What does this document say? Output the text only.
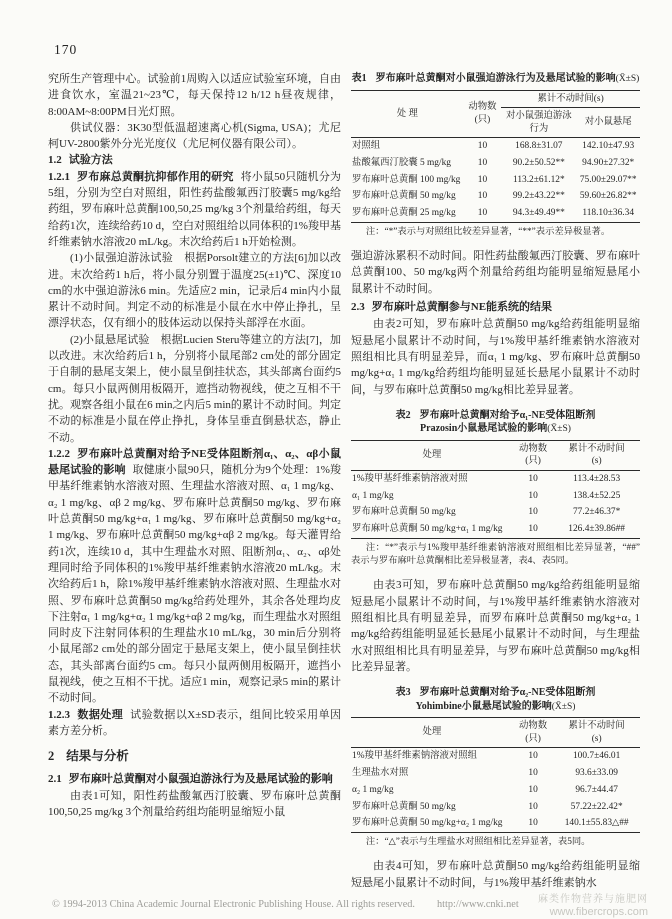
170

究所生产管理中心。试验前1周购入以适应试验室环境，自由进食饮水，室温21~23℃，每天保持12 h/12 h昼夜规律，8:00AM~8:00PM日光灯照。

供试仪器：3K30型低温超速离心机(Sigma, USA)；尤尼柯UV-2800紫外分光光度仪（尤尼柯仪器有限公司）。

1.2 试验方法

1.2.1 罗布麻总黄酮抗抑郁作用的研究 将小鼠50只随机分为5组，分别为空白对照组，阳性药盐酸氟西汀胶囊5 mg/kg给药组，罗布麻叶总黄酮100,50,25 mg/kg 3个剂量给药组，每天给药1次，连续给药10 d，空白对照组给以同体积的1%羧甲基纤维素钠水溶液20 mL/kg。末次给药后1 h开始检测。

(1)小鼠强迫游泳试验　根据Porsolt建立的方法[6]加以改进。末次给药1 h后，将小鼠分别置于温度25(±1)℃、深度10 cm的水中强迫游泳6 min。先适应2 min，记录后4 min内小鼠累计不动时间。判定不动的标准是小鼠在水中停止挣扎，呈漂浮状态，仅有细小的肢体运动以保持头部浮在水面。

(2)小鼠悬尾试验　根据Lucien Steru等建立的方法[7]，加以改进。末次给药后1 h，分别将小鼠尾部2 cm处的部分固定于自制的悬尾支架上，使小鼠呈倒挂状态，其头部离台面约5 cm。每只小鼠两侧用板隔开，遮挡动物视线，使之互相不干扰。观察各组小鼠在6 min之内后5 min的累计不动时间。判定不动的标准是小鼠在停止挣扎，身体呈垂直倒悬状态，静止不动。

1.2.2 罗布麻叶总黄酮对给予NE受体阻断剂α₁、α₂、αβ小鼠悬尾试验的影响 取健康小鼠90只，随机分为9个处理：1%羧甲基纤维素钠水溶液对照、生理盐水溶液对照、α₁ 1 mg/kg、α₂ 1 mg/kg、αβ 2 mg/kg、罗布麻叶总黄酮50 mg/kg、罗布麻叶总黄酮50 mg/kg+α₁ 1 mg/kg、罗布麻叶总黄酮50 mg/kg+α₂ 1 mg/kg、罗布麻叶总黄酮50 mg/kg+αβ 2 mg/kg。每天灌胃给药1次，连续10 d，其中生理盐水对照、阻断剂α₁、α₂、αβ处理同时给予同体积的1%羧甲基纤维素钠水溶液20 mL/kg。末次给药后1 h，除1%羧甲基纤维素钠水溶液对照、生理盐水对照、罗布麻叶总黄酮50 mg/kg给药处理外，其余各处理均皮下注射α₁ 1 mg/kg+α₂ 1 mg/kg+αβ 2 mg/kg，而生理盐水对照组同时皮下注射同体积的生理盐水10 mL/kg，30 min后分别将小鼠尾部2 cm处的部分固定于悬尾支架上，使小鼠呈倒挂状态，其头部离台面约5 cm。每只小鼠两侧用板隔开，遮挡小鼠视线，使之互相不干扰。适应1 min，观察记录5 min的累计不动时间。

1.2.3 数据处理 试验数据以X±SD表示，组间比较采用单因素方差分析。

2 结果与分析

2.1 罗布麻叶总黄酮对小鼠强迫游泳行为及悬尾试验的影响

由表1可知，阳性药盐酸氟西汀胶囊、罗布麻叶总黄酮100,50,25 mg/kg 3个剂量给药组均能明显缩短小鼠

表1 罗布麻叶总黄酮对小鼠强迫游泳行为及悬尾试验的影响(X̄±S)
处 理	动物数
(只)	累计不动时间(s)	
		对小鼠强迫游泳行为	对小鼠悬尾
对照组	10	168.8±31.07	142.10±47.93
盐酸氟西汀胶囊 5 mg/kg	10	90.2±50.52**	94.90±27.32*
罗布麻叶总黄酮 100 mg/kg	10	113.2±61.12*	75.00±29.07**
罗布麻叶总黄酮 50 mg/kg	10	99.2±43.22**	59.60±26.82**
罗布麻叶总黄酮 25 mg/kg	10	94.3±49.49**	118.10±36.34

注：“*”表示与对照组比较差异显著，“**”表示差异极显著。

强迫游泳累积不动时间。阳性药盐酸氟西汀胶囊、罗布麻叶总黄酮100、50 mg/kg两个剂量给药组均能明显缩短悬尾小鼠累计不动时间。

2.3 罗布麻叶总黄酮参与NE能系统的结果

由表2可知，罗布麻叶总黄酮50 mg/kg给药组能明显缩短悬尾小鼠累计不动时间，与1%羧甲基纤维素钠水溶液对照组相比具有明显差异，而α₁ 1 mg/kg、罗布麻叶总黄酮50 mg/kg+α₁ 1 mg/kg给药组均能明显延长悬尾小鼠累计不动时间，与罗布麻叶总黄酮50 mg/kg相比差异显著。

表2 罗布麻叶总黄酮对给予α₁-NE受体阻断剂
Prazosin小鼠悬尾试验的影响(X̄±S)
处理	动物数
(只)	累计不动时间
(s)
1%羧甲基纤维素钠溶液对照	10	113.4±28.53
α₁ 1 mg/kg	10	138.4±52.25
罗布麻叶总黄酮 50 mg/kg	10	77.2±46.37*
罗布麻叶总黄酮 50 mg/kg+α₁ 1 mg/kg	10	126.4±39.86##

注：“*”表示与1%羧甲基纤维素钠溶液对照组相比差异显著，“##”表示与罗布麻叶总黄酮相比差异极显著，表4、表5同。

由表3可知，罗布麻叶总黄酮50 mg/kg给药组能明显缩短悬尾小鼠累计不动时间，与1%羧甲基纤维素钠水溶液对照组相比具有明显差异，而罗布麻叶总黄酮50 mg/kg+α₂ 1 mg/kg给药组能明显延长悬尾小鼠累计不动时间，与生理盐水对照组相比具有明显差异，与罗布麻叶总黄酮50 mg/kg相比差异显著。

表3 罗布麻叶总黄酮对给予α₂-NE受体阻断剂
Yohimbine小鼠悬尾试验的影响(X̄±S)
处理	动物数
(只)	累计不动时间
(s)
1%羧甲基纤维素钠溶液对照组	10	100.7±46.01
生理盐水对照	10	93.6±33.09
α₂ 1 mg/kg	10	96.7±44.47
罗布麻叶总黄酮 50 mg/kg	10	57.22±22.42*
罗布麻叶总黄酮 50 mg/kg+α₂ 1 mg/kg	10	140.1±55.83△##

注：“△”表示与生理盐水对照组相比差异显著，表5同。

由表4可知，罗布麻叶总黄酮50 mg/kg给药组能明显缩短悬尾小鼠累计不动时间，与1%羧甲基纤维素钠水

© 1994-2013 China Academic Journal Electronic Publishing House. All rights reserved. http://www.cnki.net 麻类作物营养与施肥网
www.fibercrops.com
